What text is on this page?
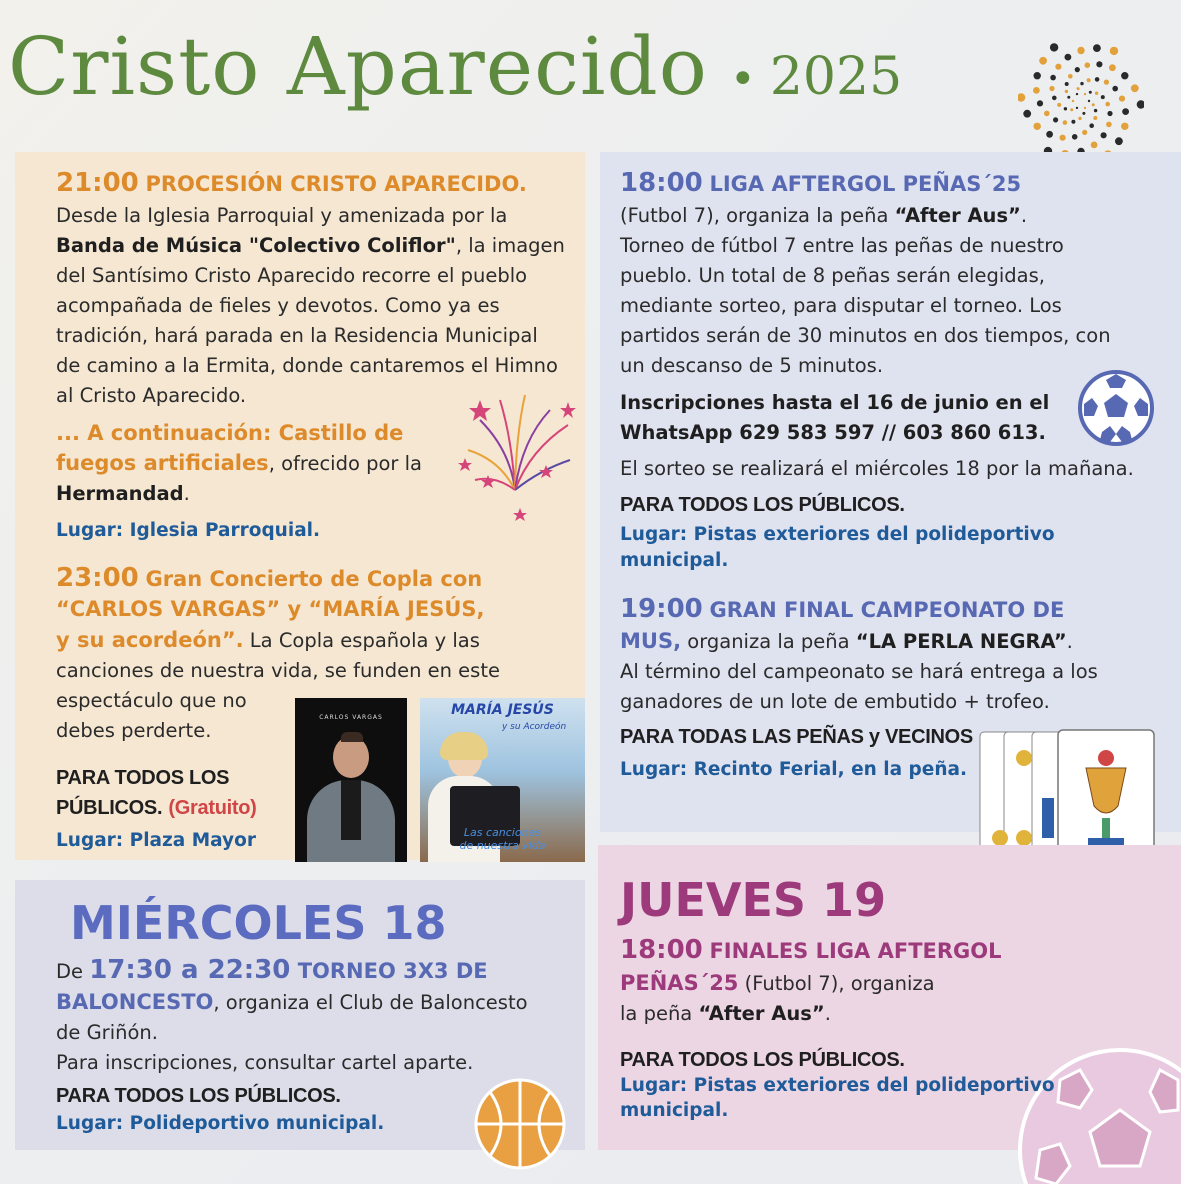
Cristo Aparecido • 2025
21:00 PROCESIÓN CRISTO APARECIDO.
Desde la Iglesia Parroquial y amenizada por la
Banda de Música "Colectivo Coliflor", la imagen
del Santísimo Cristo Aparecido recorre el pueblo
acompañada de fieles y devotos. Como ya es
tradición, hará parada en la Residencia Municipal
de camino a la Ermita, donde cantaremos el Himno
al Cristo Aparecido.
... A continuación: Castillo de
fuegos artificiales, ofrecido por la
Hermandad.
Lugar: Iglesia Parroquial.
23:00 Gran Concierto de Copla con
“CARLOS VARGAS” y “MARÍA JESÚS,
y su acordeón”. La Copla española y las
canciones de nuestra vida, se funden en este
espectáculo que no
debes perderte.
PARA TODOS LOS
PÚBLICOS. (Gratuito)
Lugar: Plaza Mayor
CARLOS VARGAS	MARÍA JESÚS
y su Acordeón
Las canciones
de nuestra vida
18:00 LIGA AFTERGOL PEÑAS´25
(Futbol 7), organiza la peña “After Aus”.
Torneo de fútbol 7 entre las peñas de nuestro
pueblo. Un total de 8 peñas serán elegidas,
mediante sorteo, para disputar el torneo. Los
partidos serán de 30 minutos en dos tiempos, con
un descanso de 5 minutos.
Inscripciones hasta el 16 de junio en el
WhatsApp 629 583 597 // 603 860 613.
El sorteo se realizará el miércoles 18 por la mañana.
PARA TODOS LOS PÚBLICOS.
Lugar: Pistas exteriores del polideportivo
municipal.
19:00 GRAN FINAL CAMPEONATO DE
MUS, organiza la peña “LA PERLA NEGRA”.
Al término del campeonato se hará entrega a los
ganadores de un lote de embutido + trofeo.
PARA TODAS LAS PEÑAS y VECINOS
Lugar: Recinto Ferial, en la peña.
MIÉRCOLES 18
De 17:30 a 22:30 TORNEO 3X3 DE
BALONCESTO, organiza el Club de Baloncesto
de Griñón.
Para inscripciones, consultar cartel aparte.
PARA TODOS LOS PÚBLICOS.
Lugar: Polideportivo municipal.
JUEVES 19
18:00 FINALES LIGA AFTERGOL
PEÑAS´25 (Futbol 7), organiza
la peña “After Aus”.
PARA TODOS LOS PÚBLICOS.
Lugar: Pistas exteriores del polideportivo
municipal.
